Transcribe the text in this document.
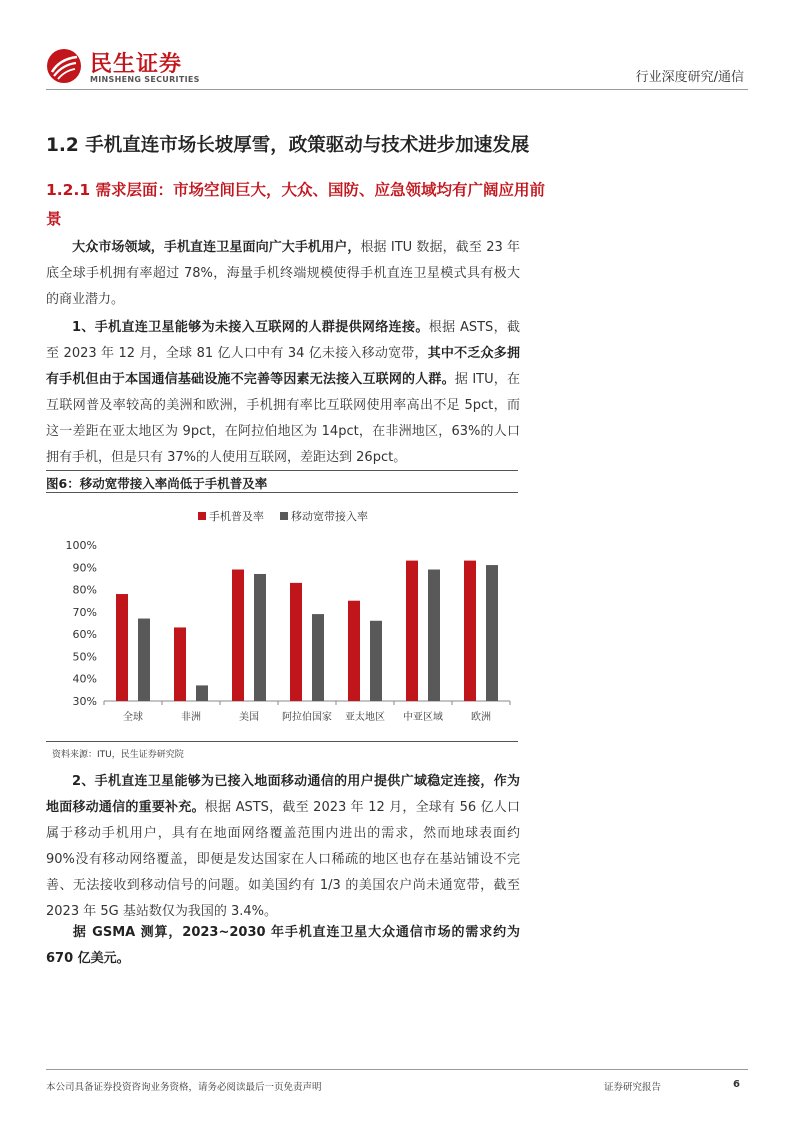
民生证券
MINSHENG SECURITIES	行业深度研究/通信
1.2 手机直连市场长坡厚雪，政策驱动与技术进步加速发展
1.2.1 需求层面：市场空间巨大，大众、国防、应急领域均有广阔应用前景
大众市场领域，手机直连卫星面向广大手机用户，根据 ITU 数据，截至 23 年底全球手机拥有率超过 78%，海量手机终端规模使得手机直连卫星模式具有极大的商业潜力。
1、手机直连卫星能够为未接入互联网的人群提供网络连接。根据 ASTS，截至 2023 年 12 月，全球 81 亿人口中有 34 亿未接入移动宽带，其中不乏众多拥有手机但由于本国通信基础设施不完善等因素无法接入互联网的人群。据 ITU，在互联网普及率较高的美洲和欧洲，手机拥有率比互联网使用率高出不足 5pct，而这一差距在亚太地区为 9pct，在阿拉伯地区为 14pct，在非洲地区，63%的人口拥有手机，但是只有 37%的人使用互联网，差距达到 26pct。
图6：移动宽带接入率尚低于手机普及率
30%
40%
50%
60%
70%
80%
90%
100%
全球	非洲	美国 阿拉伯国家 亚太地区 中亚区域	欧洲
手机普及率 移动宽带接入率
资料来源：ITU，民生证券研究院
2、手机直连卫星能够为已接入地面移动通信的用户提供广域稳定连接，作为地面移动通信的重要补充。根据 ASTS，截至 2023 年 12 月，全球有 56 亿人口属于移动手机用户，具有在地面网络覆盖范围内进出的需求，然而地球表面约 90%没有移动网络覆盖，即便是发达国家在人口稀疏的地区也存在基站铺设不完善、无法接收到移动信号的问题。如美国约有 1/3 的美国农户尚未通宽带，截至 2023 年 5G 基站数仅为我国的 3.4%。
据 GSMA 测算，2023~2030 年手机直连卫星大众通信市场的需求约为 670 亿美元。
本公司具备证券投资咨询业务资格，请务必阅读最后一页免责声明	证券研究报告	6
